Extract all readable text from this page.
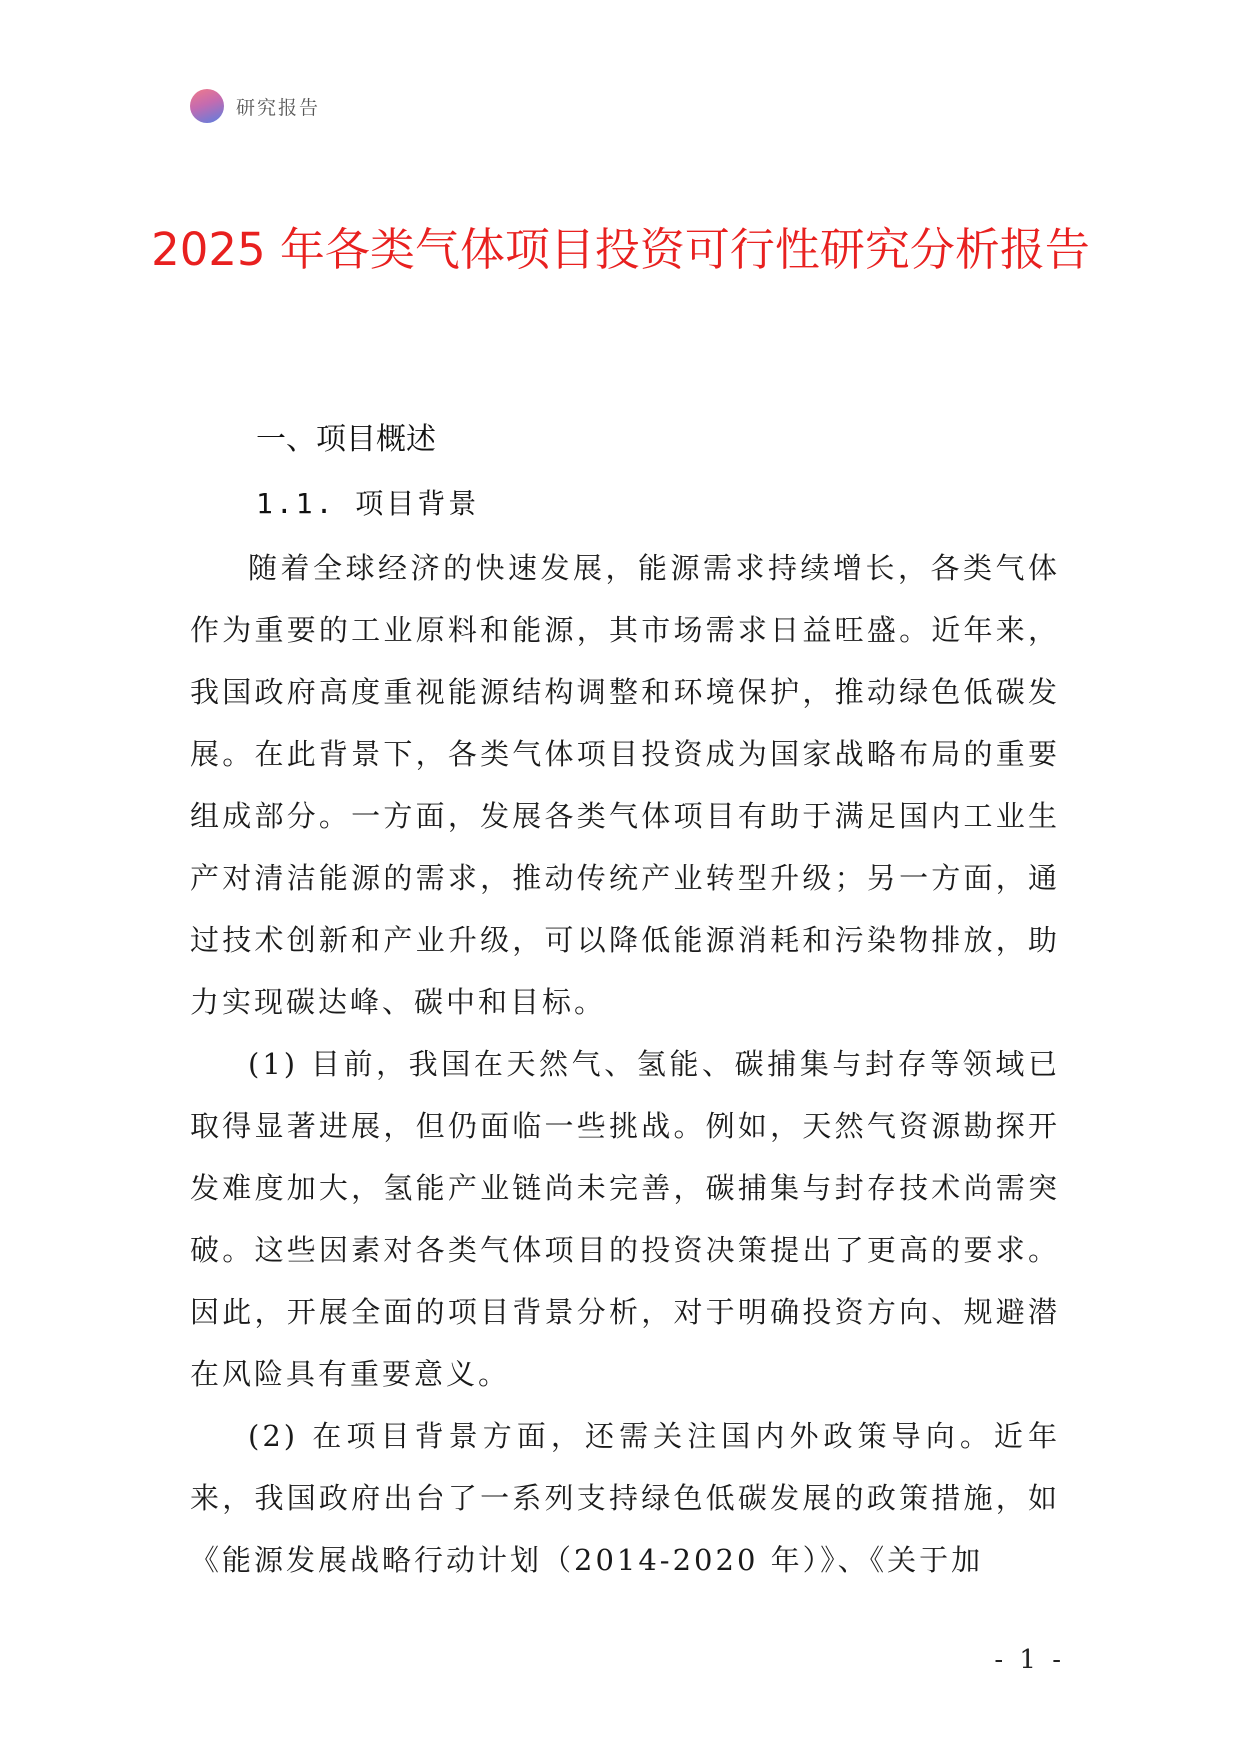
研究报告
2025 年各类气体项目投资可行性研究分析报告
一、项目概述
1.1. 项目背景

随着全球经济的快速发展，能源需求持续增长，各类气体作为重要的工业原料和能源，其市场需求日益旺盛。近年来，我国政府高度重视能源结构调整和环境保护，推动绿色低碳发展。在此背景下，各类气体项目投资成为国家战略布局的重要组成部分。一方面，发展各类气体项目有助于满足国内工业生产对清洁能源的需求，推动传统产业转型升级；另一方面，通过技术创新和产业升级，可以降低能源消耗和污染物排放，助力实现碳达峰、碳中和目标。

(1) 目前，我国在天然气、氢能、碳捕集与封存等领域已取得显著进展，但仍面临一些挑战。例如，天然气资源勘探开发难度加大，氢能产业链尚未完善，碳捕集与封存技术尚需突破。这些因素对各类气体项目的投资决策提出了更高的要求。因此，开展全面的项目背景分析，对于明确投资方向、规避潜在风险具有重要意义。

(2) 在项目背景方面，还需关注国内外政策导向。近年来，我国政府出台了一系列支持绿色低碳发展的政策措施，如《能源发展战略行动计划（2014-2020 年）》、《关于加

- 1 -
